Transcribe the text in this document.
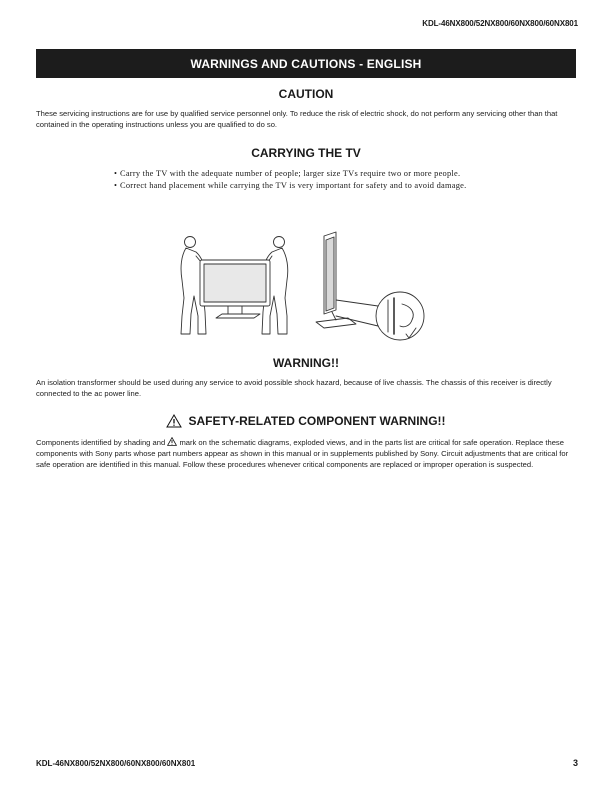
KDL-46NX800/52NX800/60NX800/60NX801
WARNINGS AND CAUTIONS - ENGLISH
CAUTION
These servicing instructions are for use by qualified service personnel only. To reduce the risk of electric shock, do not perform any servicing other than that contained in the operating instructions unless you are qualified to do so.
CARRYING THE TV
• Carry the TV with the adequate number of people; larger size TVs require two or more people.
• Correct hand placement while carrying the TV is very important for safety and to avoid damage.
WARNING!!
An isolation transformer should be used during any service to avoid possible shock hazard, because of live chassis. The chassis of this receiver is directly connected to the ac power line.
SAFETY-RELATED COMPONENT WARNING!!
Components identified by shading and mark on the schematic diagrams, exploded views, and in the parts list are critical for safe operation. Replace these components with Sony parts whose part numbers appear as shown in this manual or in supplements published by Sony. Circuit adjustments that are critical for safe operation are identified in this manual. Follow these procedures whenever critical components are replaced or improper operation is suspected.
KDL-46NX800/52NX800/60NX800/60NX801	3
